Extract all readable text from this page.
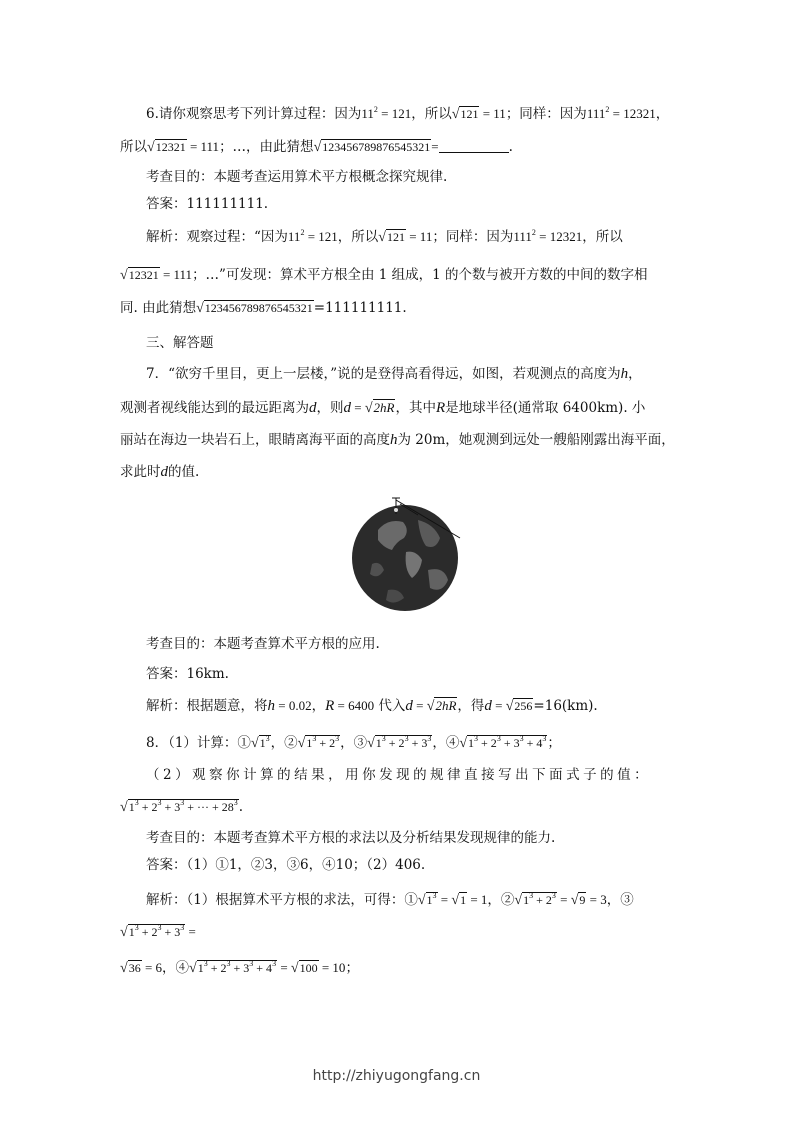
6.请你观察思考下列计算过程：因为$11^2 = 121$，所以√121 = 11；同样：因为$111^2 = 12321$，
所以√12321 = 111；…，由此猜想√123456789876545321=	.
考查目的：本题考查运用算术平方根概念探究规律.
答案：111111111.
解析：观察过程：“因为$11^2 = 121$，所以√121 = 11；同样：因为$111^2 = 12321$，所以
√12321 = 111；…”可发现：算术平方根全由 1 组成，1 的个数与被开方数的中间的数字相
同. 由此猜想√123456789876545321=111111111.
三、解答题
7．“欲穷千里目，更上一层楼，”说的是登得高看得远，如图，若观测点的高度为h，
观测者视线能达到的最远距离为d，则d = √2hR，其中R是地球半径(通常取 6400km). 小
丽站在海边一块岩石上，眼睛离海平面的高度h为 20m，她观测到远处一艘船刚露出海平面，
求此时d的值.
考查目的：本题考查算术平方根的应用.
答案：16km.
解析：根据题意，将h = 0.02，R = 6400 代入d = √2hR，得d = √256=16(km).
8．（1）计算：$①√1^3$，$②√1^3 + 2^3$，$③√1^3 + 2^3 + 3^3$，$④√1^3 + 2^3 + 3^3 + 4^3$；
（2）观察你计算的结果，用你发现的规律直接写出下面式子的值：
$√1^3 + 2^3 + 3^3$ + ··· + $28^3$.
考查目的：本题考查算术平方根的求法以及分析结果发现规律的能力.
答案：（1）①1，②3，③6，④10；（2）406.
解析：（1）根据算术平方根的求法，可得：$①√1^3 = √1 = 1$，$②√1^3 + 2^3 = √9 = 3$，③
$√1^3 + 2^3 + 3^3$ =
√36 = 6，$④√1^3 + 2^3 + 3^3 + 4^3 = √100 = 10$；
http://zhiyugongfang.cn
